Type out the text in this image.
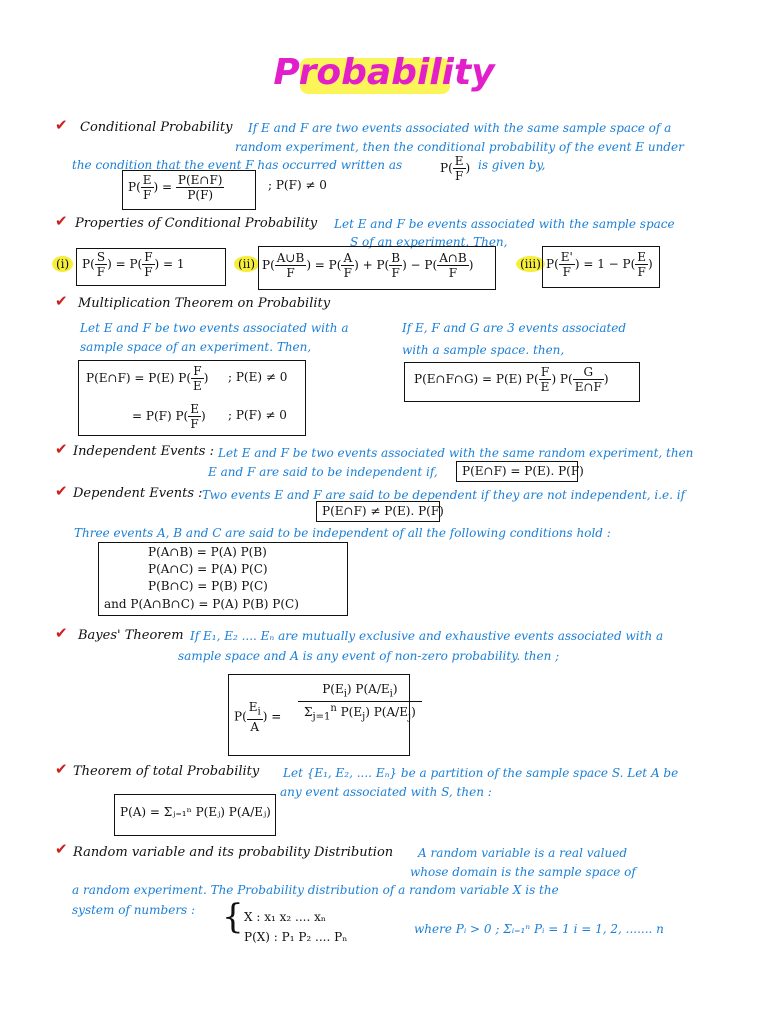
Probability
✔ Conditional Probability If E and F are two events associated with the same sample space of a
random experiment, then the conditional probability of the event E under
the condition that the event F has occurred written as	$P( \frac{E}{F}$ ) is given by,
$P( \frac{E}{F}$ ) = $\frac{P(E\cap F)}{P(F)}$	; P(F) ≠ 0
✔ Properties of Conditional Probability Let E and F be events associated with the sample space
S of an experiment. Then,
(i)	$P( \frac{S}{F}$ ) = $P( \frac{F}{F}$ ) = 1	(ii) $P( \frac{A\cup B}{F}$ ) = $P( \frac{A}{F}$ ) + $P( \frac{B}{F}$ ) − $P( \frac{A\cap B}{F}$ )	(iii) $P( \frac{E'}{F}$ ) = $1 - P( \frac{E}{F}$ )
✔ Multiplication Theorem on Probability
Let E and F be two events associated with a
sample space of an experiment. Then,
If E, F and G are 3 events associated
with a sample space. then,
P(E∩F) = P(E) $P( \frac{F}{E}$ ) ; P(E) ≠ 0
= P(F) $P( \frac{E}{F}$ ) ; P(F) ≠ 0
P(E∩F∩G) = P(E) $P( \frac{F}{E}$ ) $P( \frac{G}{E\cap F}$ )
✔ Independent Events : Let E and F be two events associated with the same random experiment, then
E and F are said to be independent if, P(E∩F) = P(E). P(F)
✔ Dependent Events : Two events E and F are said to be dependent if they are not independent, i.e. if
P(E∩F) ≠ P(E). P(F)
Three events A, B and C are said to be independent of all the following conditions hold :
P(A∩B) = P(A) P(B)
P(A∩C) = P(A) P(C)
P(B∩C) = P(B) P(C)
and P(A∩B∩C) = P(A) P(B) P(C)
✔ Bayes' Theorem If E₁, E₂ .... Eₙ are mutually exclusive and exhaustive events associated with a
sample space and A is any event of non-zero probability. then ;
$P( \frac{E_i}{A}$ ) = $\frac{P(E_i) P(A/E_i)}{\Sigma_{j=1}^n P(E_j) P(A/E_j)}$
✔ Theorem of total Probability Let {E₁, E₂, .... Eₙ} be a partition of the sample space S. Let A be
any event associated with S, then :
P(A) = Σⱼ₌₁ⁿ P(Eⱼ) P(A/Eⱼ)
✔ Random variable and its probability Distribution A random variable is a real valued
whose domain is the sample space of
a random experiment. The Probability distribution of a random variable X is the
system of numbers : { X : x₁ x₂ .... xₙ
P(X) : P₁ P₂ .... Pₙ
where Pᵢ > 0 ; Σᵢ₌₁ⁿ Pᵢ = 1 i = 1, 2, ....... n
